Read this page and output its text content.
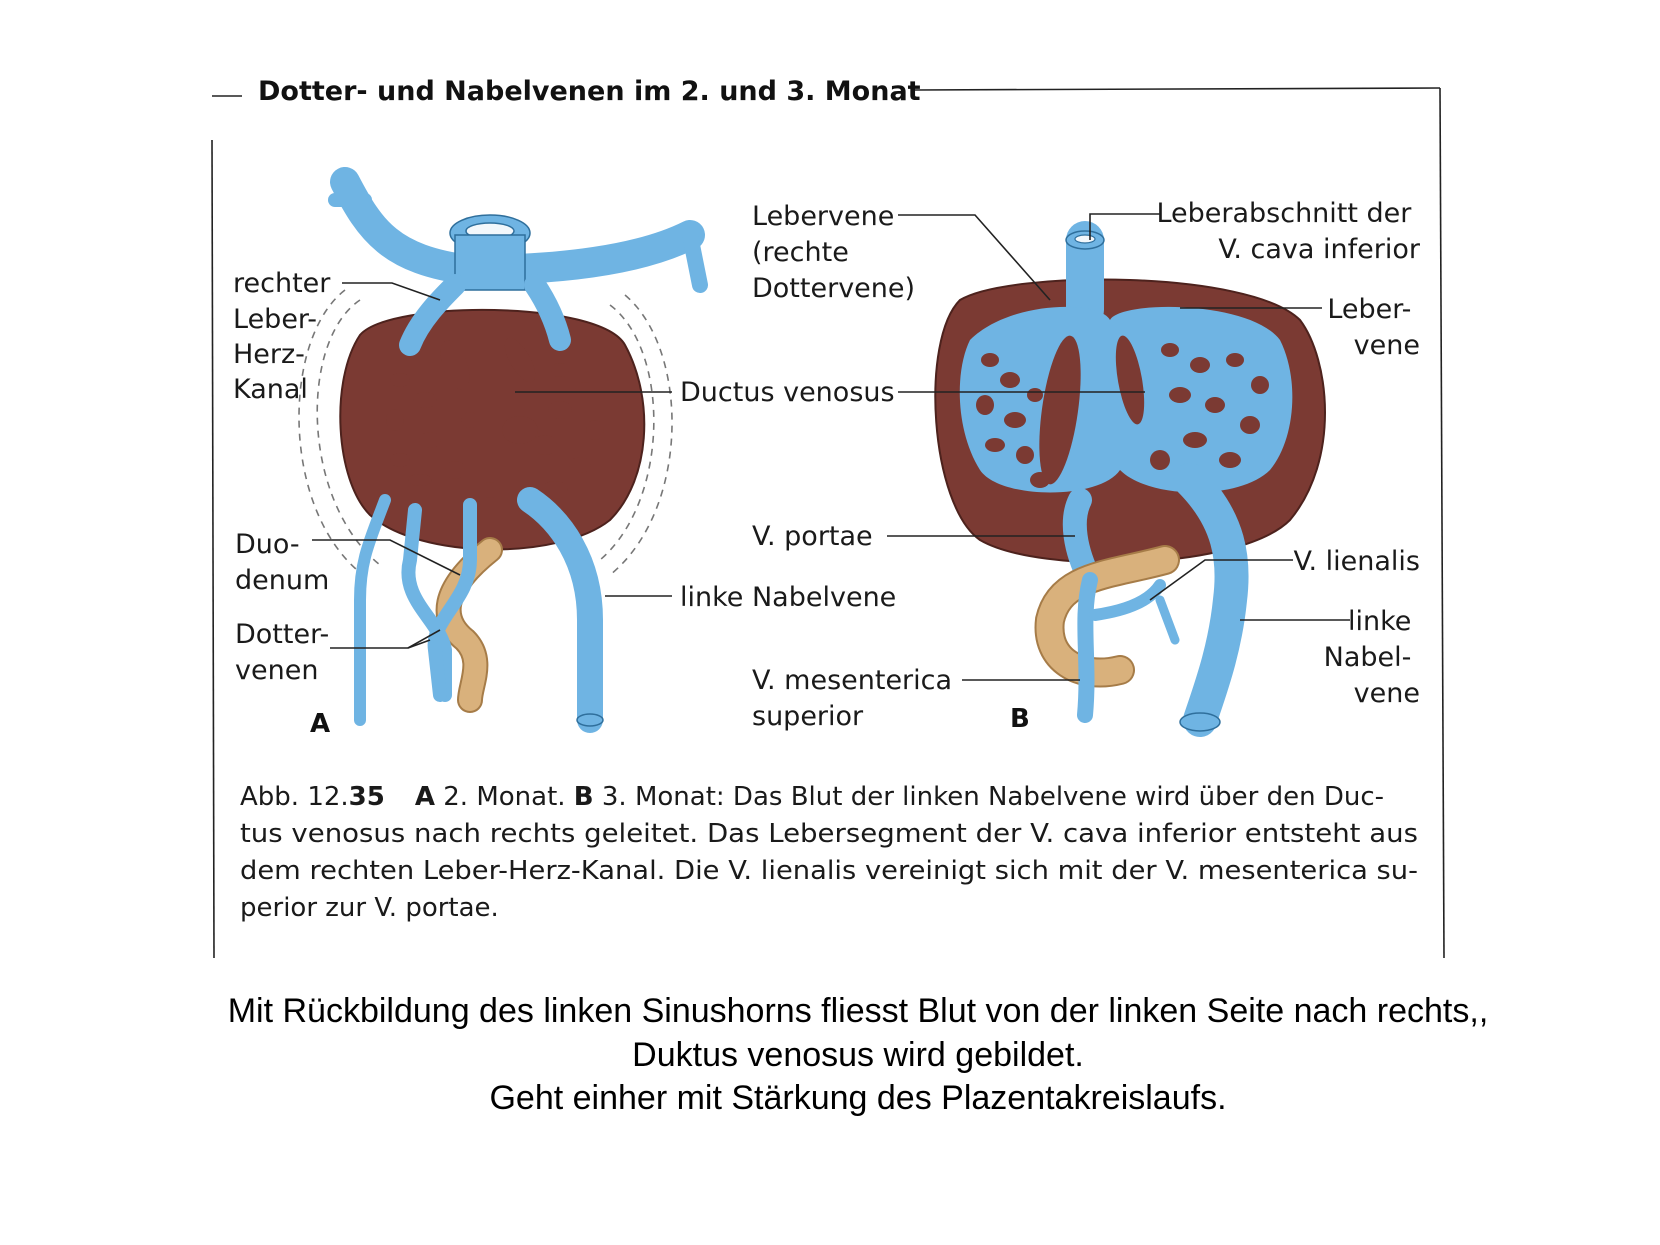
Dotter- und Nabelvenen im 2. und 3. Monat
A
rechter Leber- Herz- Kanal	Ductus venosus
Duo- denum
Dotter- venen
linke Nabelvene
B
Lebervene (rechte Dottervene)
Leberabschnitt der V. cava inferior
Leber- vene
V. portae
V. lienalis
linke Nabel- vene
V. mesenterica superior
Abb. 12.35 A 2. Monat. B 3. Monat: Das Blut der linken Nabelvene wird über den Duc-
tus venosus nach rechts geleitet. Das Lebersegment der V. cava inferior entsteht aus
dem rechten Leber-Herz-Kanal. Die V. lienalis vereinigt sich mit der V. mesenterica su-
perior zur V. portae.
Mit Rückbildung des linken Sinushorns fliesst Blut von der linken Seite nach rechts,,
Duktus venosus wird gebildet.
Geht einher mit Stärkung des Plazentakreislaufs.
